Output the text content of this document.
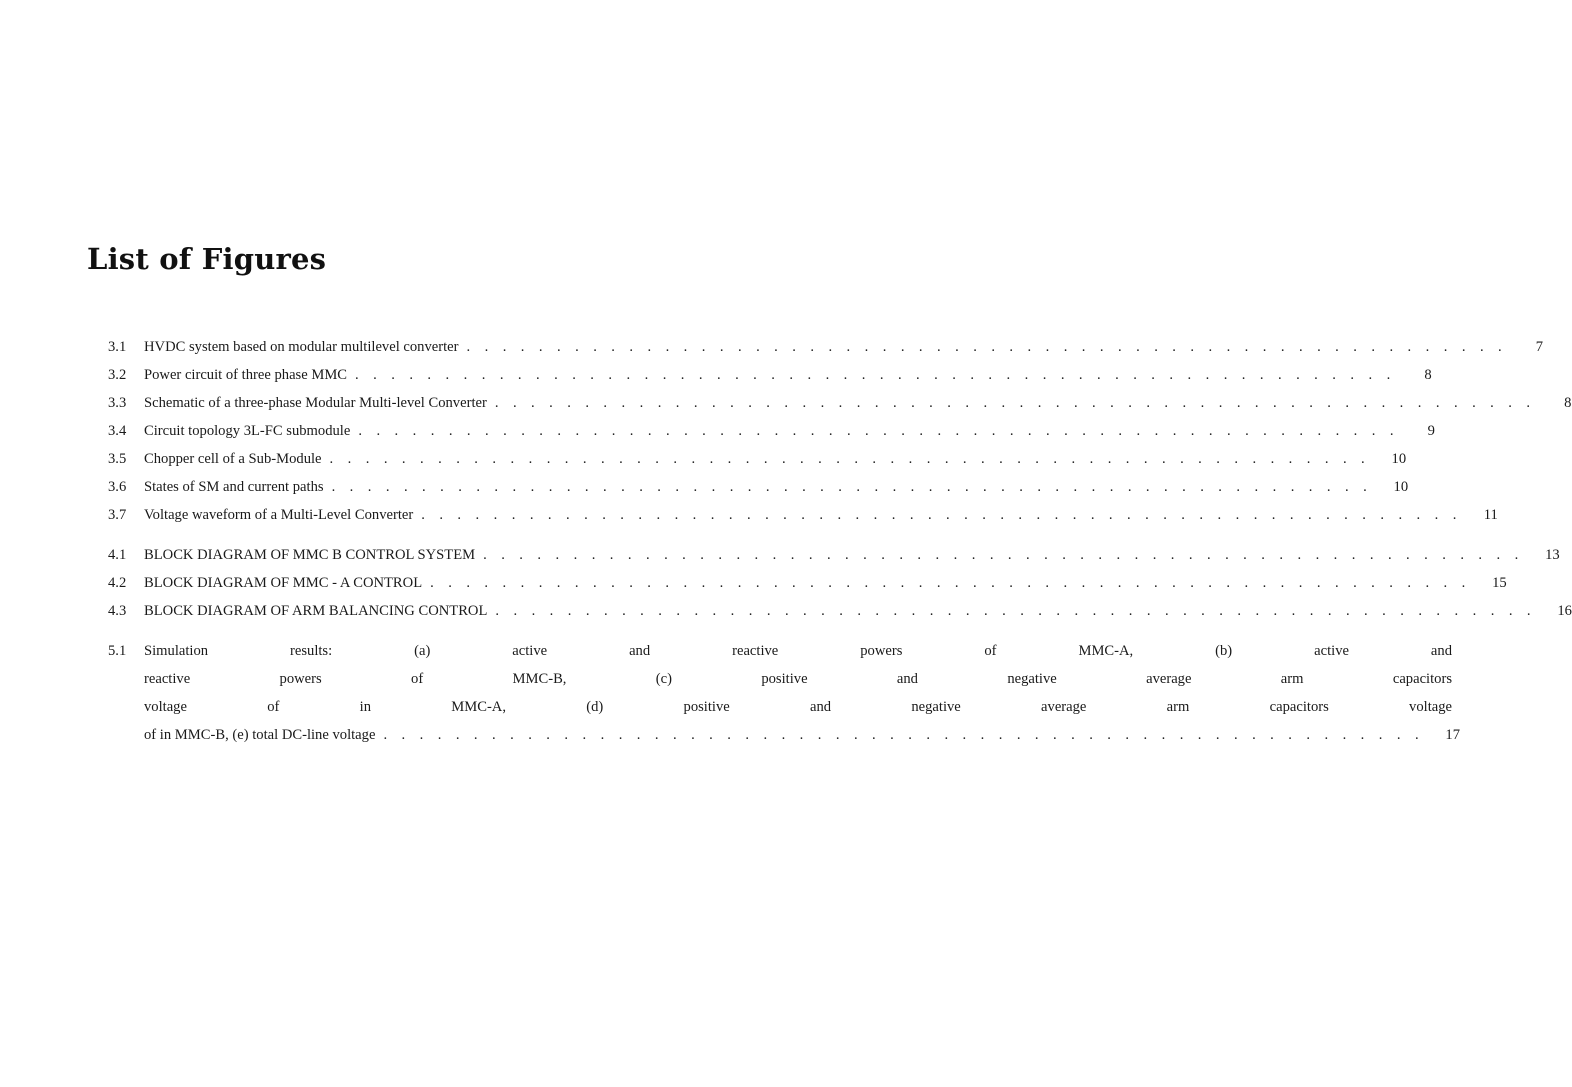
List of Figures
3.1	HVDC system based on modular multilevel converter . . . . . . . . . . . . . . . . . . . . . . . . . . . . . . . . . . . . . . . . . . . . . . . . . . . . . . . . . .	7
3.2	Power circuit of three phase MMC . . . . . . . . . . . . . . . . . . . . . . . . . . . . . . . . . . . . . . . . . . . . . . . . . . . . . . . . . .	8
3.3	Schematic of a three-phase Modular Multi-level Converter . . . . . . . . . . . . . . . . . . . . . . . . . . . . . . . . . . . . . . . . . . . . . . . . . . . . . . . . . .	8
3.4	Circuit topology 3L-FC submodule . . . . . . . . . . . . . . . . . . . . . . . . . . . . . . . . . . . . . . . . . . . . . . . . . . . . . . . . . .	9
3.5	Chopper cell of a Sub-Module . . . . . . . . . . . . . . . . . . . . . . . . . . . . . . . . . . . . . . . . . . . . . . . . . . . . . . . . . .	10
3.6	States of SM and current paths . . . . . . . . . . . . . . . . . . . . . . . . . . . . . . . . . . . . . . . . . . . . . . . . . . . . . . . . . .	10
3.7	Voltage waveform of a Multi-Level Converter . . . . . . . . . . . . . . . . . . . . . . . . . . . . . . . . . . . . . . . . . . . . . . . . . . . . . . . . . .	11
4.1	BLOCK DIAGRAM OF MMC B CONTROL SYSTEM . . . . . . . . . . . . . . . . . . . . . . . . . . . . . . . . . . . . . . . . . . . . . . . . . . . . . . . . . .	13
4.2	BLOCK DIAGRAM OF MMC - A CONTROL . . . . . . . . . . . . . . . . . . . . . . . . . . . . . . . . . . . . . . . . . . . . . . . . . . . . . . . . . .	15
4.3	BLOCK DIAGRAM OF ARM BALANCING CONTROL . . . . . . . . . . . . . . . . . . . . . . . . . . . . . . . . . . . . . . . . . . . . . . . . . . . . . . . . . .	16
5.1	Simulation results: (a) active and reactive powers of MMC-A, (b) active and
reactive powers of MMC-B, (c) positive and negative average arm capacitors
voltage of in MMC-A, (d) positive and negative average arm capacitors voltage
of in MMC-B, (e) total DC-line voltage . . . . . . . . . . . . . . . . . . . . . . . . . . . . . . . . . . . . . . . . . . . . . . . . . . . . . . . . . .	17
